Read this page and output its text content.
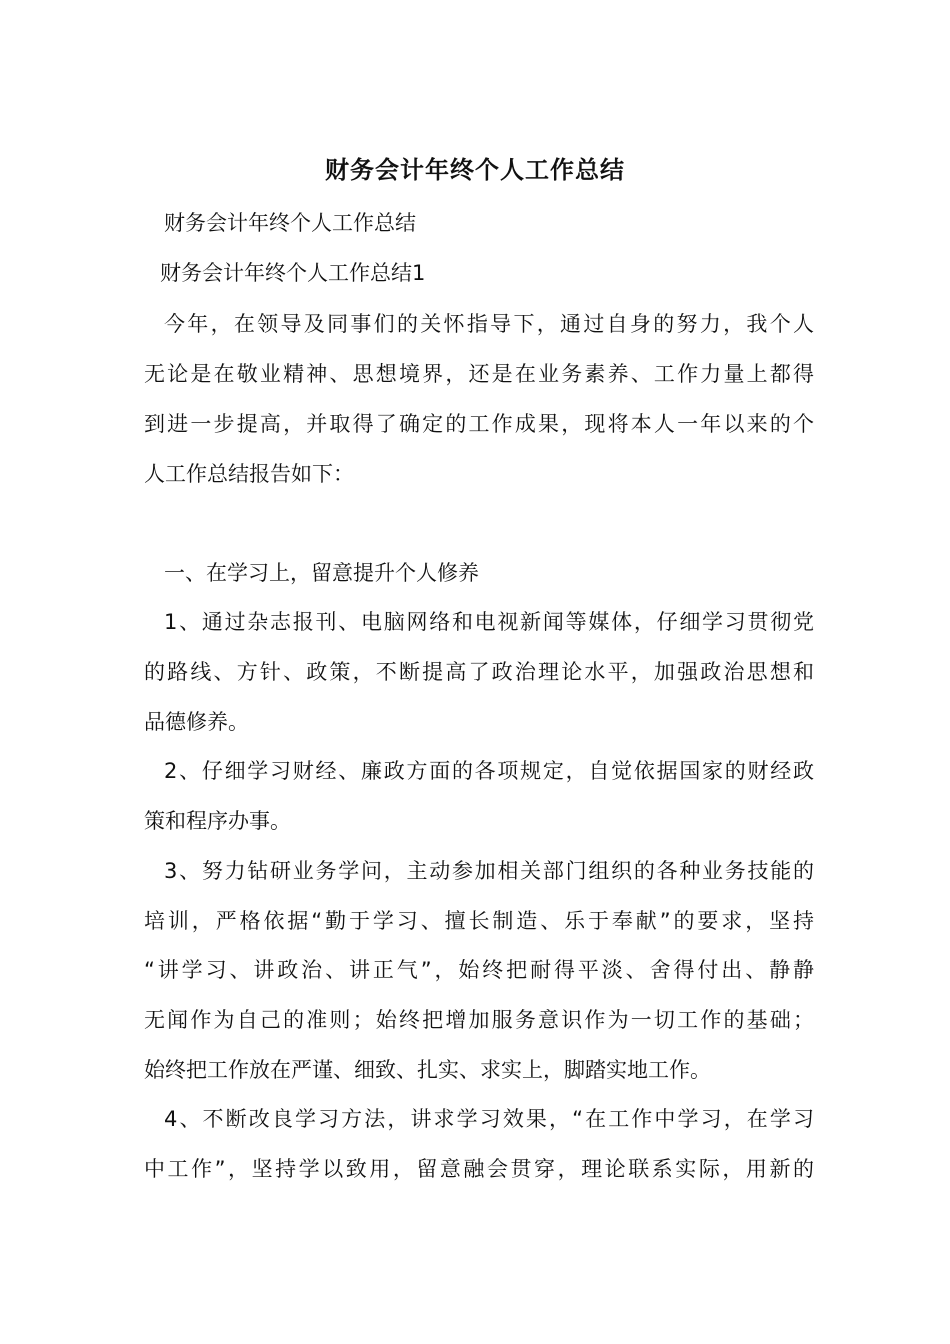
财务会计年终个人工作总结

财务会计年终个人工作总结

财务会计年终个人工作总结1

今年，在领导及同事们的关怀指导下，通过自身的努力，我个人

无论是在敬业精神、思想境界，还是在业务素养、工作力量上都得

到进一步提高，并取得了确定的工作成果，现将本人一年以来的个

人工作总结报告如下：

一、在学习上，留意提升个人修养

1、通过杂志报刊、电脑网络和电视新闻等媒体，仔细学习贯彻党

的路线、方针、政策，不断提高了政治理论水平，加强政治思想和

品德修养。

2、仔细学习财经、廉政方面的各项规定，自觉依据国家的财经政

策和程序办事。

3、努力钻研业务学问，主动参加相关部门组织的各种业务技能的

培训，严格依据“勤于学习、擅长制造、乐于奉献”的要求，坚持

“讲学习、讲政治、讲正气”，始终把耐得平淡、舍得付出、静静

无闻作为自己的准则；始终把增加服务意识作为一切工作的基础；

始终把工作放在严谨、细致、扎实、求实上，脚踏实地工作。

4、不断改良学习方法，讲求学习效果，“在工作中学习，在学习

中工作”，坚持学以致用，留意融会贯穿，理论联系实际，用新的
